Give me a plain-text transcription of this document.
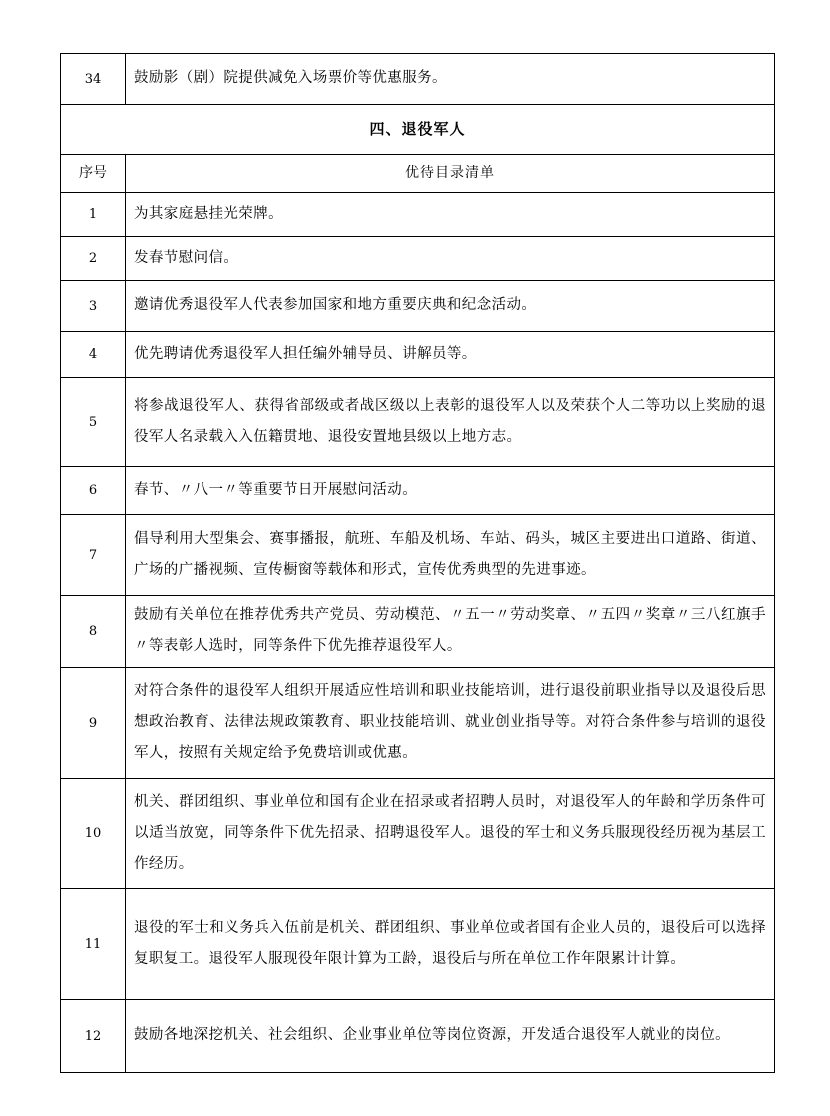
34	鼓励影（剧）院提供减免入场票价等优惠服务。
四、退役军人	
序号	优待目录清单
1	为其家庭悬挂光荣牌。
2	发春节慰问信。
3	邀请优秀退役军人代表参加国家和地方重要庆典和纪念活动。
4	优先聘请优秀退役军人担任编外辅导员、讲解员等。
5	将参战退役军人、获得省部级或者战区级以上表彰的退役军人以及荣获个人二等功以上奖励的退役军人名录载入入伍籍贯地、退役安置地县级以上地方志。
6	春节、〃八一〃等重要节日开展慰问活动。
7	倡导利用大型集会、赛事播报，航班、车船及机场、车站、码头，城区主要进出口道路、街道、广场的广播视频、宣传橱窗等载体和形式，宣传优秀典型的先进事迹。
8	鼓励有关单位在推荐优秀共产党员、劳动模范、〃五一〃劳动奖章、〃五四〃奖章〃三八红旗手〃等表彰人选时，同等条件下优先推荐退役军人。
9	对符合条件的退役军人组织开展适应性培训和职业技能培训，进行退役前职业指导以及退役后思想政治教育、法律法规政策教育、职业技能培训、就业创业指导等。对符合条件参与培训的退役军人，按照有关规定给予免费培训或优惠。
10	机关、群团组织、事业单位和国有企业在招录或者招聘人员时，对退役军人的年龄和学历条件可以适当放宽，同等条件下优先招录、招聘退役军人。退役的军士和义务兵服现役经历视为基层工作经历。
11	退役的军士和义务兵入伍前是机关、群团组织、事业单位或者国有企业人员的，退役后可以选择复职复工。退役军人服现役年限计算为工龄，退役后与所在单位工作年限累计计算。
12	鼓励各地深挖机关、社会组织、企业事业单位等岗位资源，开发适合退役军人就业的岗位。
